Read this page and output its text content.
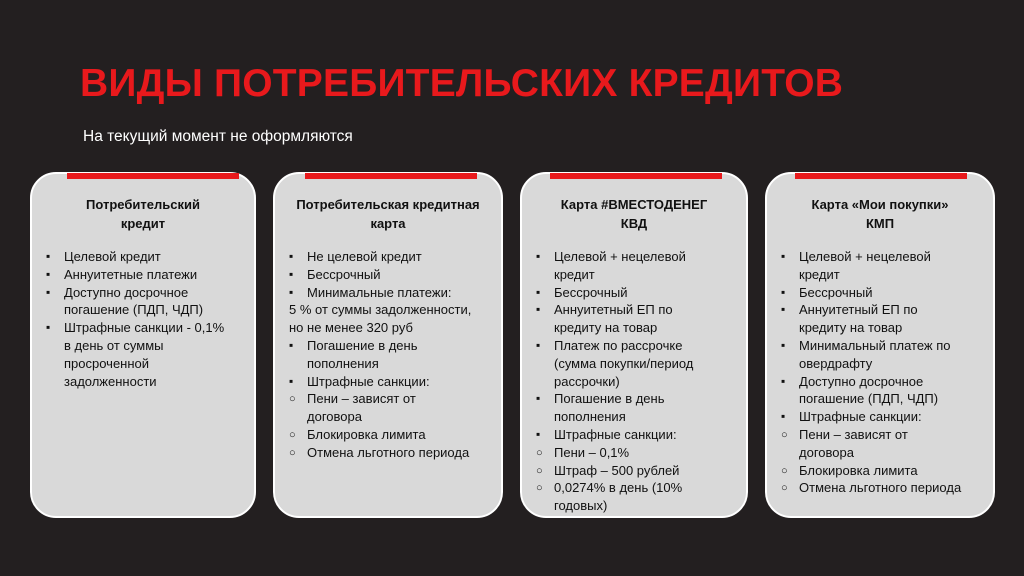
ВИДЫ ПОТРЕБИТЕЛЬСКИХ КРЕДИТОВ
На текущий момент не оформляются
Потребительский
кредит
▪ Целевой кредит
▪ Аннуитетные платежи
▪ Доступно досрочное
погашение (ПДП, ЧДП)
▪ Штрафные санкции - 0,1%
в день от суммы
просроченной
задолженности
Потребительская кредитная
карта
▪ Не целевой кредит
▪ Бессрочный
▪ Минимальные платежи:
5 % от суммы задолженности,
но не менее 320 руб
▪ Погашение в день
пополнения
▪ Штрафные санкции:
○ Пени – зависят от
договора
○ Блокировка лимита
○ Отмена льготного периода
Карта #ВМЕСТОДЕНЕГ
КВД
▪ Целевой + нецелевой
кредит
▪ Бессрочный
▪ Аннуитетный ЕП по
кредиту на товар
▪ Платеж по рассрочке
(сумма покупки/период
рассрочки)
▪ Погашение в день
пополнения
▪ Штрафные санкции:
○ Пени – 0,1%
○ Штраф – 500 рублей
○ 0,0274% в день (10%
годовых)
Карта «Мои покупки»
КМП
▪ Целевой + нецелевой
кредит
▪ Бессрочный
▪ Аннуитетный ЕП по
кредиту на товар
▪ Минимальный платеж по
овердрафту
▪ Доступно досрочное
погашение (ПДП, ЧДП)
▪ Штрафные санкции:
○ Пени – зависят от
договора
○ Блокировка лимита
○ Отмена льготного периода
